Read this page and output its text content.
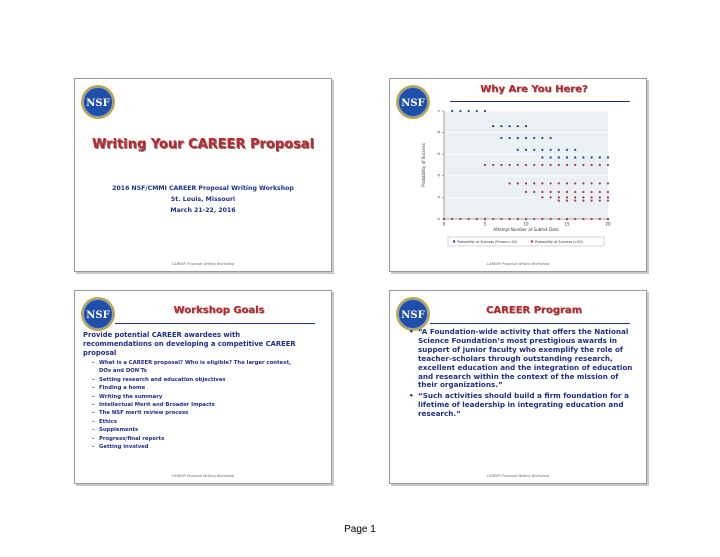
NSF
Writing Your CAREER Proposal
2016 NSF/CMMI CAREER Proposal Writing Workshop
St. Louis, Missouri
March 21-22, 2016
CAREER Proposal Writing Workshop
NSF
Why Are You Here?
0
.2
.4
.6
.8
1
0	5	10	15	20
Attempt Number at Submit Date
Probability of Success
Probability of Success (Pmax<=20)	Probability of Success (>20)
CAREER Proposal Writing Workshop
NSF	Workshop Goals
Provide potential CAREER awardees with recommendations on developing a competitive CAREER proposal
– What is a CAREER proposal? Who is eligible? The larger context, DOs and DON'Ts
– Setting research and education objectives
– Finding a home
– Writing the summary
– Intellectual Merit and Broader Impacts
– The NSF merit review process
– Ethics
– Supplements
– Progress/final reports
– Getting involved
CAREER Proposal Writing Workshop
NSF	CAREER Program

• “A Foundation-wide activity that offers the National Science Foundation’s most prestigious awards in support of junior faculty who exemplify the role of teacher-scholars through outstanding research, excellent education and the integration of education and research within the context of the mission of their organizations.”

• “Such activities should build a firm foundation for a lifetime of leadership in integrating education and research.”

CAREER Proposal Writing Workshop
Page 1
